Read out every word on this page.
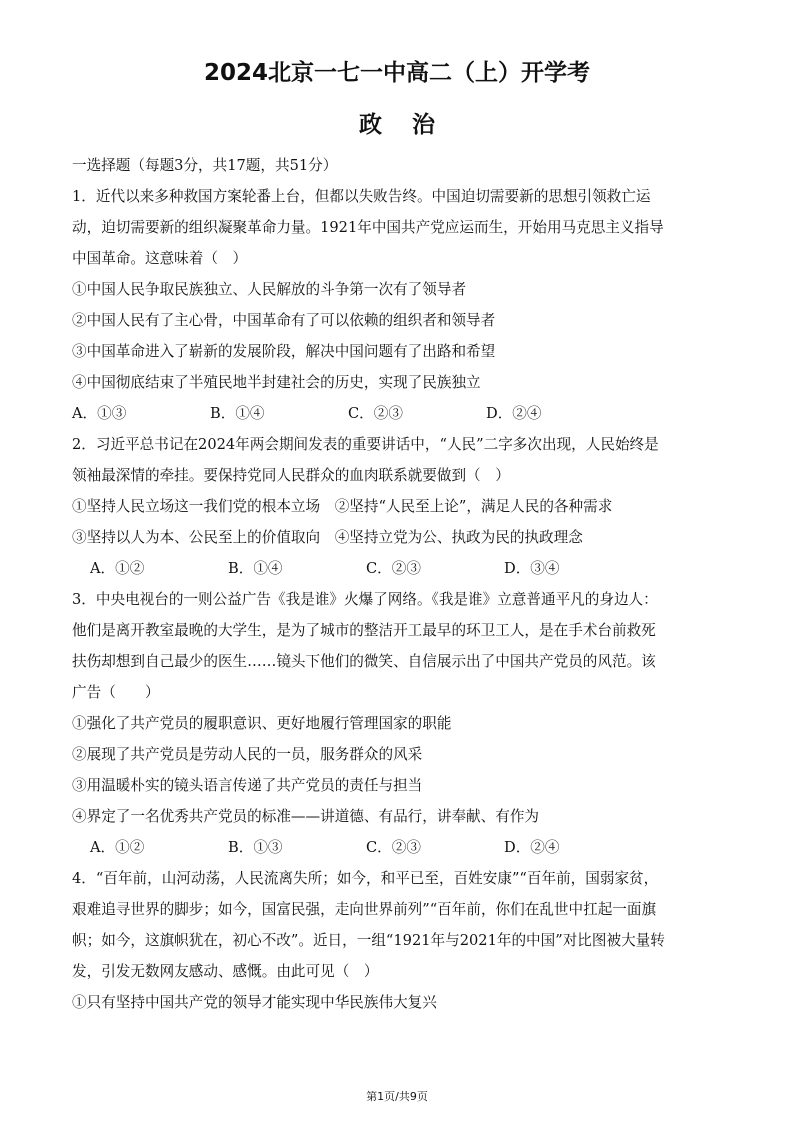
2024北京一七一中高二（上）开学考
政治
一选择题（每题3分，共17题，共51分）
1．近代以来多种救国方案轮番上台，但都以失败告终。中国迫切需要新的思想引领救亡运
动，迫切需要新的组织凝聚革命力量。1921年中国共产党应运而生，开始用马克思主义指导
中国革命。这意味着（　）
①中国人民争取民族独立、人民解放的斗争第一次有了领导者
②中国人民有了主心骨，中国革命有了可以依赖的组织者和领导者
③中国革命进入了崭新的发展阶段，解决中国问题有了出路和希望
④中国彻底结束了半殖民地半封建社会的历史，实现了民族独立
A．①③	B．①④	C．②③	D．②④
2．习近平总书记在2024年两会期间发表的重要讲话中，“人民”二字多次出现，人民始终是
领袖最深情的牵挂。要保持党同人民群众的血肉联系就要做到（　）
①坚持人民立场这一我们党的根本立场　②坚持“人民至上论”，满足人民的各种需求
③坚持以人为本、公民至上的价值取向　④坚持立党为公、执政为民的执政理念
A．①②	B．①④	C．②③	D．③④
3．中央电视台的一则公益广告《我是谁》火爆了网络。《我是谁》立意普通平凡的身边人：
他们是离开教室最晚的大学生，是为了城市的整洁开工最早的环卫工人，是在手术台前救死
扶伤却想到自己最少的医生……镜头下他们的微笑、自信展示出了中国共产党员的风范。该
广告（　　）
①强化了共产党员的履职意识、更好地履行管理国家的职能
②展现了共产党员是劳动人民的一员，服务群众的风采
③用温暖朴实的镜头语言传递了共产党员的责任与担当
④界定了一名优秀共产党员的标准——讲道德、有品行，讲奉献、有作为
A．①②	B．①③	C．②③	D．②④
4．“百年前，山河动荡，人民流离失所；如今，和平已至，百姓安康”“百年前，国弱家贫，
艰难追寻世界的脚步；如今，国富民强，走向世界前列”“百年前，你们在乱世中扛起一面旗
帜；如今，这旗帜犹在，初心不改”。近日，一组“1921年与2021年的中国”对比图被大量转
发，引发无数网友感动、感慨。由此可见（　）
①只有坚持中国共产党的领导才能实现中华民族伟大复兴
第1页/共9页
